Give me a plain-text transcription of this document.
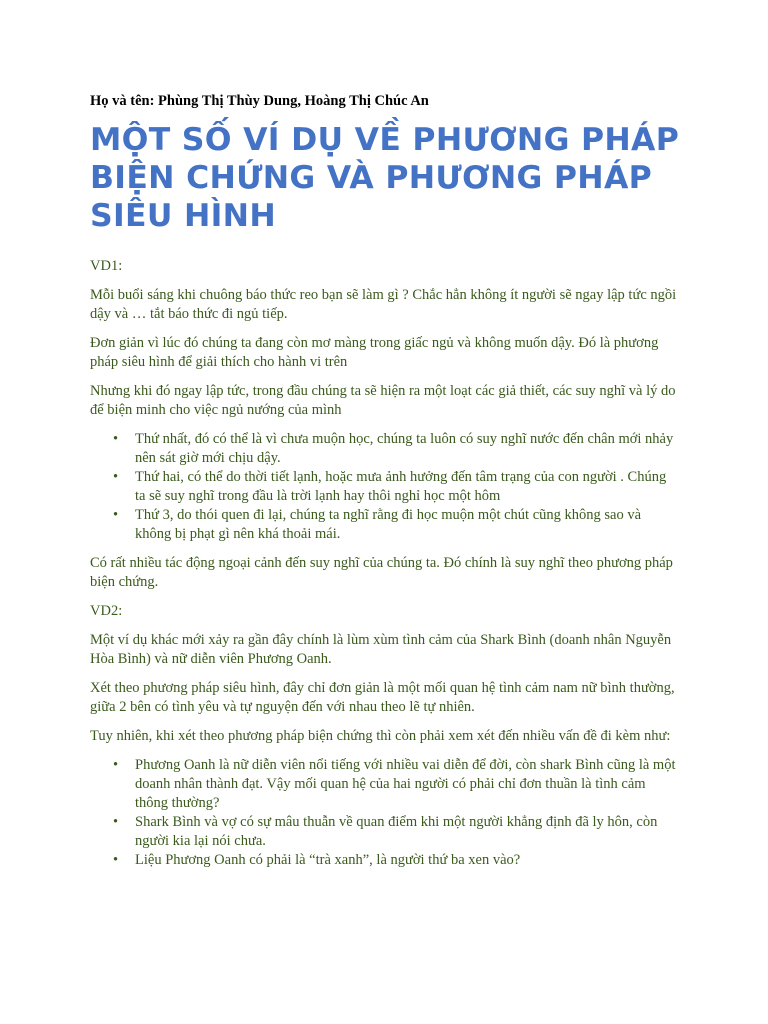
Họ và tên: Phùng Thị Thùy Dung, Hoàng Thị Chúc An

MỘT SỐ VÍ DỤ VỀ PHƯƠNG PHÁP BIỆN CHỨNG VÀ PHƯƠNG PHÁP SIÊU HÌNH

VD1:

Mỗi buổi sáng khi chuông báo thức reo bạn sẽ làm gì ? Chắc hẳn không ít người sẽ ngay lập tức ngồi dậy và … tắt báo thức đi ngủ tiếp.

Đơn giản vì lúc đó chúng ta đang còn mơ màng trong giấc ngủ và không muốn dậy. Đó là phương pháp siêu hình để giải thích cho hành vi trên

Nhưng khi đó ngay lập tức, trong đầu chúng ta sẽ hiện ra một loạt các giả thiết, các suy nghĩ và lý do để biện minh cho việc ngủ nướng của mình

• Thứ nhất, đó có thể là vì chưa muộn học, chúng ta luôn có suy nghĩ nước đến chân mới nhảy nên sát giờ mới chịu dậy.
• Thứ hai, có thể do thời tiết lạnh, hoặc mưa ảnh hưởng đến tâm trạng của con người . Chúng ta sẽ suy nghĩ trong đầu là trời lạnh hay thôi nghỉ học một hôm
• Thứ 3, do thói quen đi lại, chúng ta nghĩ rằng đi học muộn một chút cũng không sao và không bị phạt gì nên khá thoải mái.

Có rất nhiều tác động ngoại cảnh đến suy nghĩ của chúng ta. Đó chính là suy nghĩ theo phương pháp biện chứng.

VD2:

Một ví dụ khác mới xảy ra gần đây chính là lùm xùm tình cảm của Shark Bình (doanh nhân Nguyễn Hòa Bình) và nữ diễn viên Phương Oanh.

Xét theo phương pháp siêu hình, đây chỉ đơn giản là một mối quan hệ tình cảm nam nữ bình thường, giữa 2 bên có tình yêu và tự nguyện đến với nhau theo lẽ tự nhiên.

Tuy nhiên, khi xét theo phương pháp biện chứng thì còn phải xem xét đến nhiều vấn đề đi kèm như:

• Phương Oanh là nữ diễn viên nổi tiếng với nhiều vai diễn để đời, còn shark Bình cũng là một doanh nhân thành đạt. Vậy mối quan hệ của hai người có phải chỉ đơn thuần là tình cảm thông thường?
• Shark Bình và vợ có sự mâu thuẫn về quan điểm khi một người khẳng định đã ly hôn, còn người kia lại nói chưa.
• Liệu Phương Oanh có phải là “trà xanh”, là người thứ ba xen vào?
